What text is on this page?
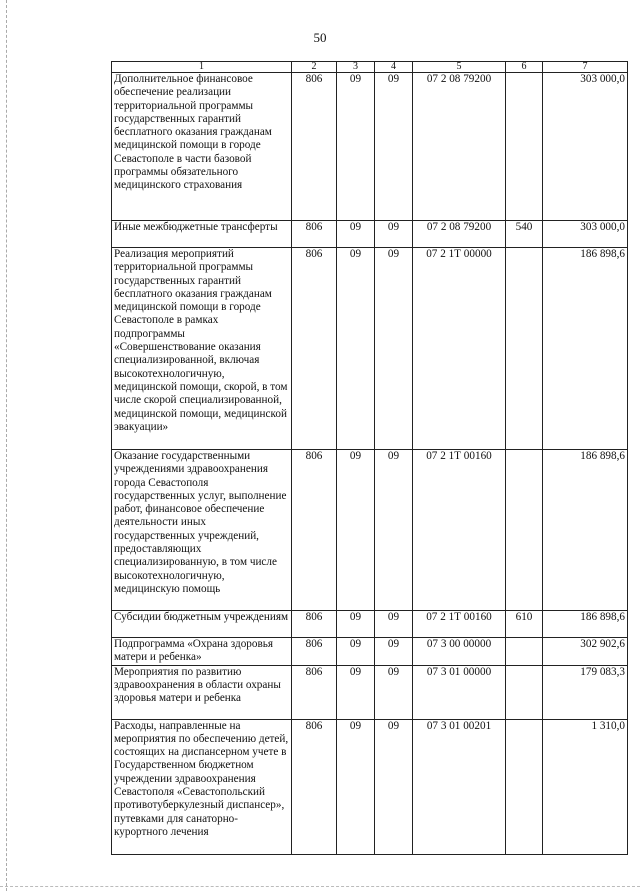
50
1	2	3	4	5	6	7
Дополнительное финансовое обеспечение реализации территориальной программы государственных гарантий бесплатного оказания гражданам медицинской помощи в городе Севастополе в части базовой программы обязательного медицинского страхования	806	09	09	07 2 08 79200		303 000,0
Иные межбюджетные трансферты	806	09	09	07 2 08 79200	540	303 000,0
Реализация мероприятий территориальной программы государственных гарантий бесплатного оказания гражданам медицинской помощи в городе Севастополе в рамках подпрограммы «Совершенствование оказания специализированной, включая высокотехнологичную, медицинской помощи, скорой, в том числе скорой специализированной, медицинской помощи, медицинской эвакуации»	806	09	09	07 2 1Т 00000		186 898,6
Оказание государственными учреждениями здравоохранения города Севастополя государственных услуг, выполнение работ, финансовое обеспечение деятельности иных государственных учреждений, предоставляющих специализированную, в том числе высокотехнологичную, медицинскую помощь	806	09	09	07 2 1Т 00160		186 898,6
Субсидии бюджетным учреждениям	806	09	09	07 2 1Т 00160	610	186 898,6
Подпрограмма «Охрана здоровья матери и ребенка»	806	09	09	07 3 00 00000		302 902,6
Мероприятия по развитию здравоохранения в области охраны здоровья матери и ребенка	806	09	09	07 3 01 00000		179 083,3
Расходы, направленные на мероприятия по обеспечению детей, состоящих на диспансерном учете в Государственном бюджетном учреждении здравоохранения Севастополя «Севастопольский противотуберкулезный диспансер», путевками для санаторно-курортного лечения	806	09	09	07 3 01 00201		1 310,0
